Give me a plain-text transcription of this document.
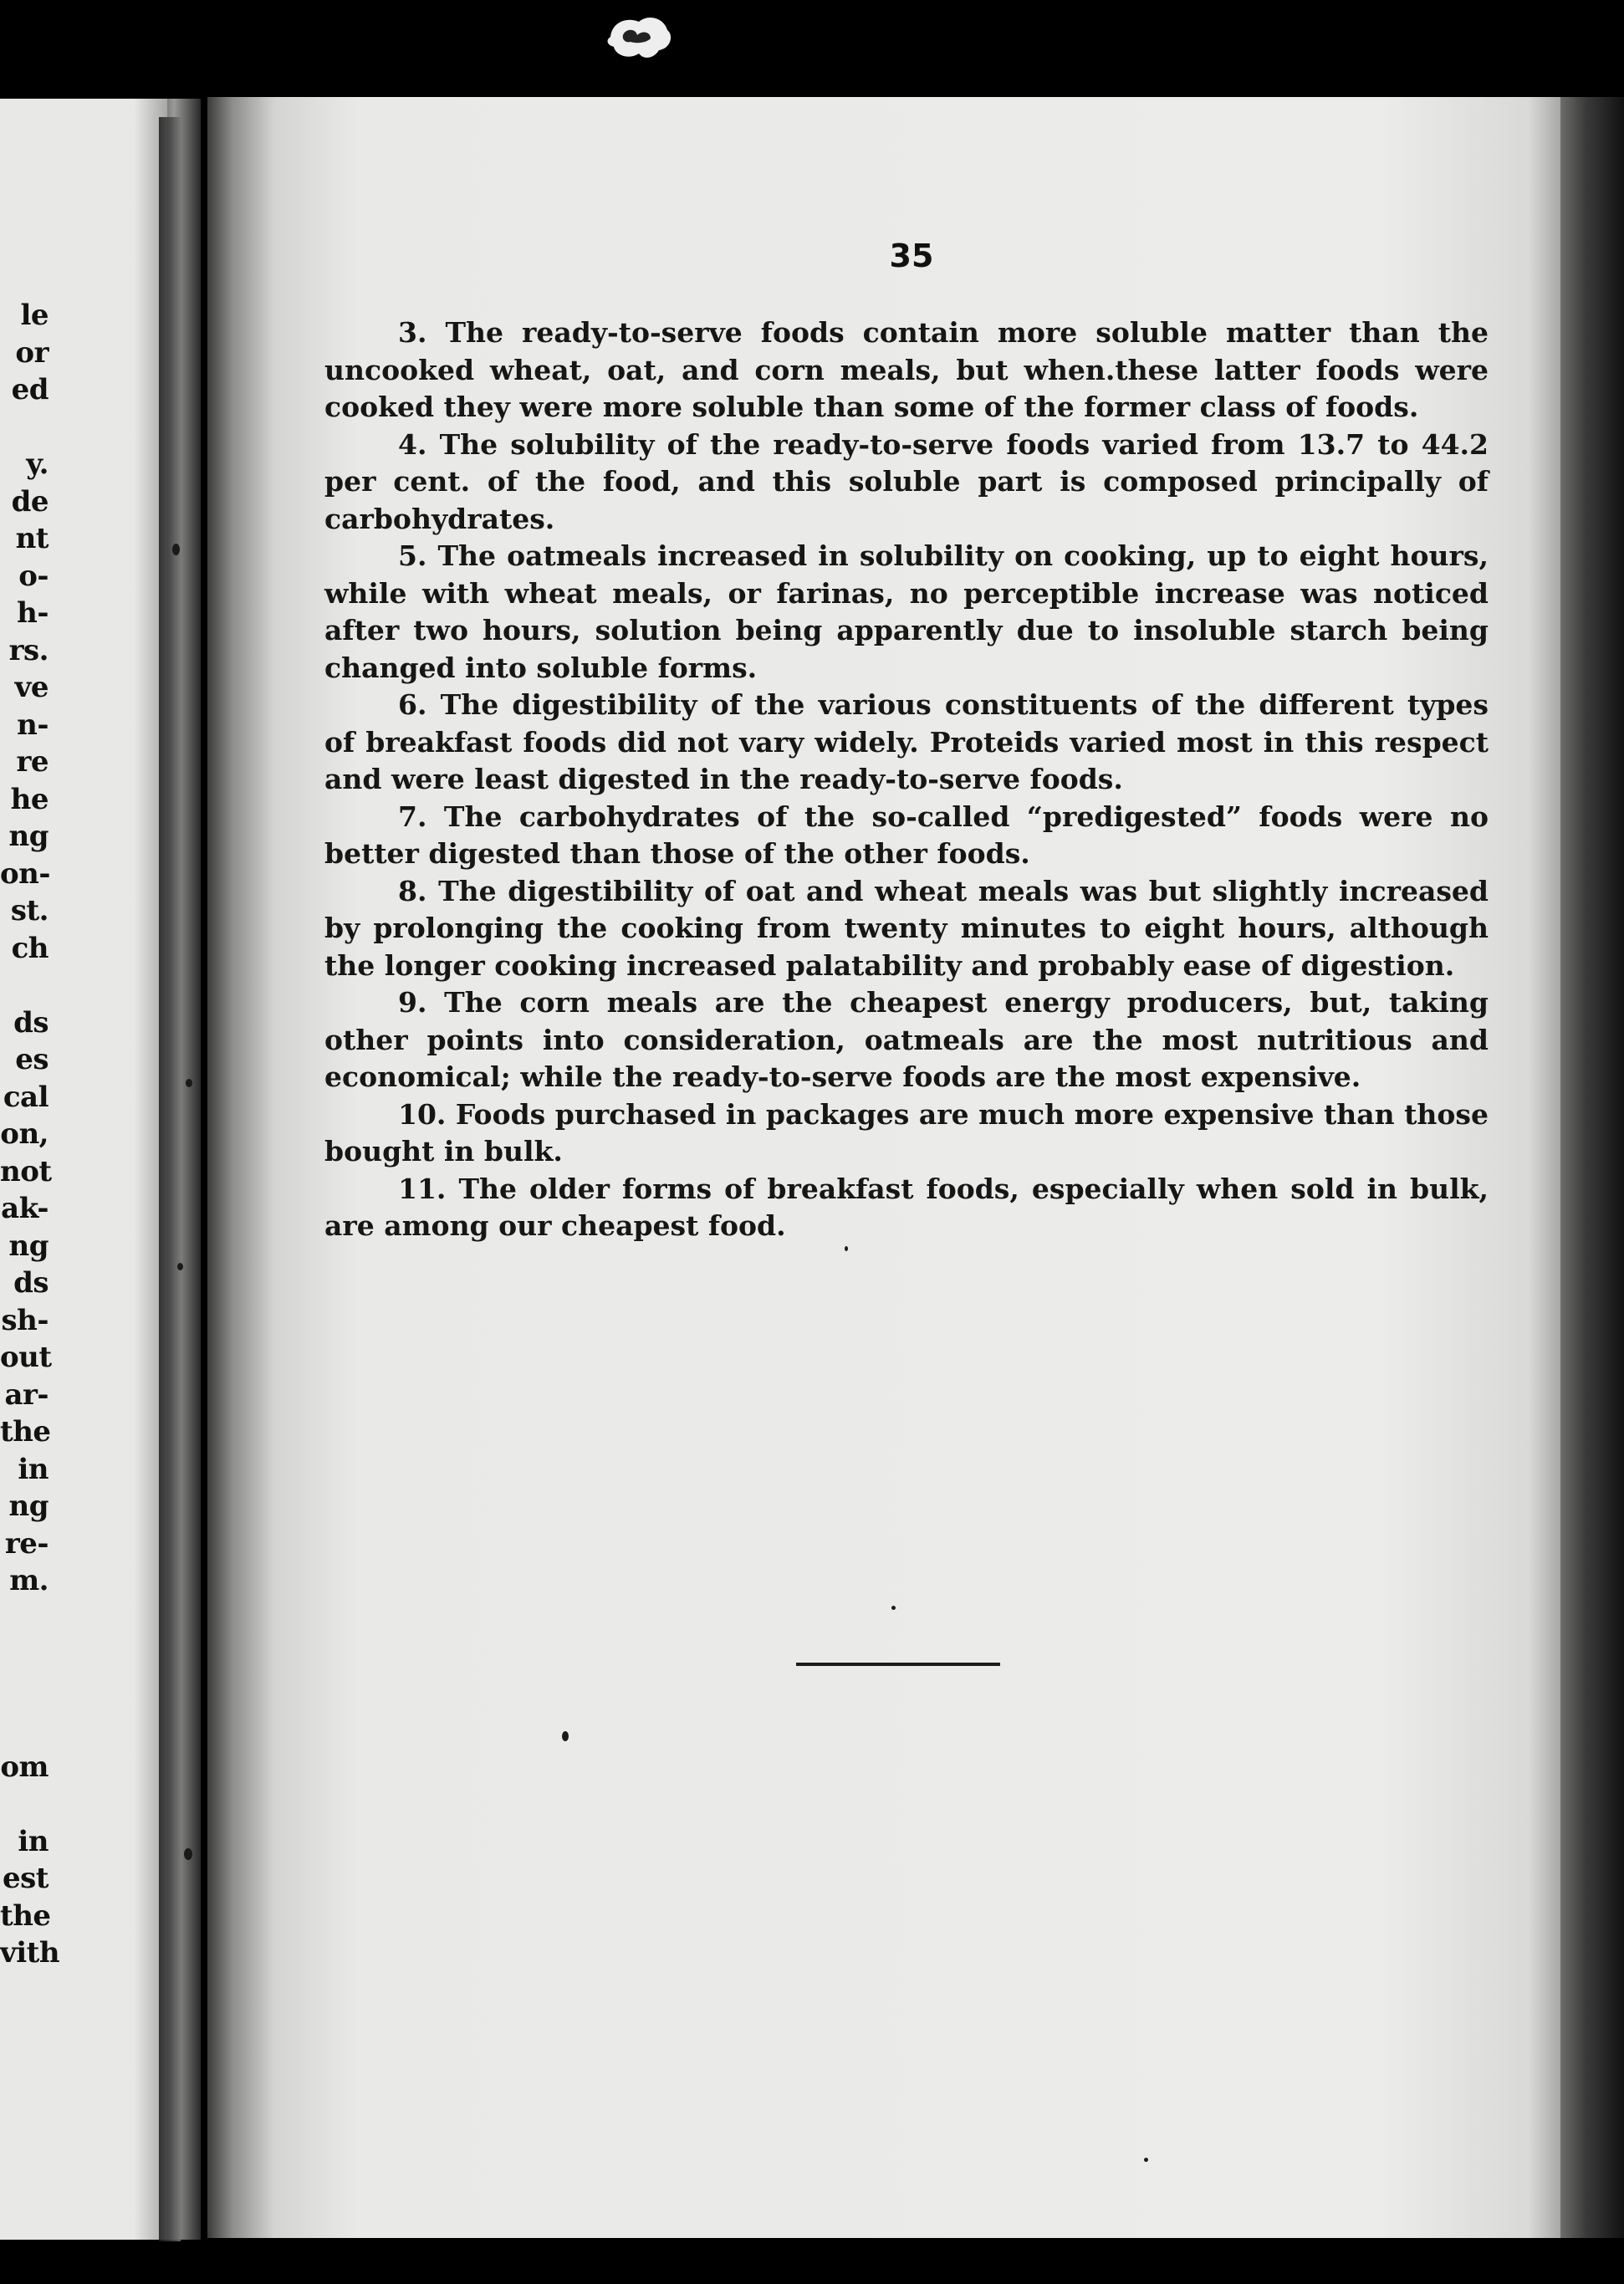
le
or
ed
y.
de
nt
o-
h-
rs.
ve
n-
re
he
ng
on-
st.
ch
ds
es
cal
on,
not
ak-
ng
ds
sh-
out
ar-
the
in
ng
re-
m.
om
in
est
the
vith
35

3. The ready-to-serve foods contain more soluble matter than the uncooked wheat, oat, and corn meals, but when.these latter foods were cooked they were more soluble than some of the former class of foods.

4. The solubility of the ready-to-serve foods varied from 13.7 to 44.2 per cent. of the food, and this soluble part is composed principally of carbohydrates.

5. The oatmeals increased in solubility on cooking, up to eight hours, while with wheat meals, or farinas, no perceptible increase was noticed after two hours, solution being apparently due to insoluble starch being changed into soluble forms.

6. The digestibility of the various constituents of the different types of breakfast foods did not vary widely. Proteids varied most in this respect and were least digested in the ready-to-serve foods.

7. The carbohydrates of the so-called “predigested” foods were no better digested than those of the other foods.

8. The digestibility of oat and wheat meals was but slightly increased by prolonging the cooking from twenty minutes to eight hours, although the longer cooking increased palatability and probably ease of digestion.

9. The corn meals are the cheapest energy producers, but, taking other points into consideration, oatmeals are the most nutritious and economical; while the ready-to-serve foods are the most expensive.

10. Foods purchased in packages are much more expensive than those bought in bulk.

11. The older forms of breakfast foods, especially when sold in bulk, are among our cheapest food.
